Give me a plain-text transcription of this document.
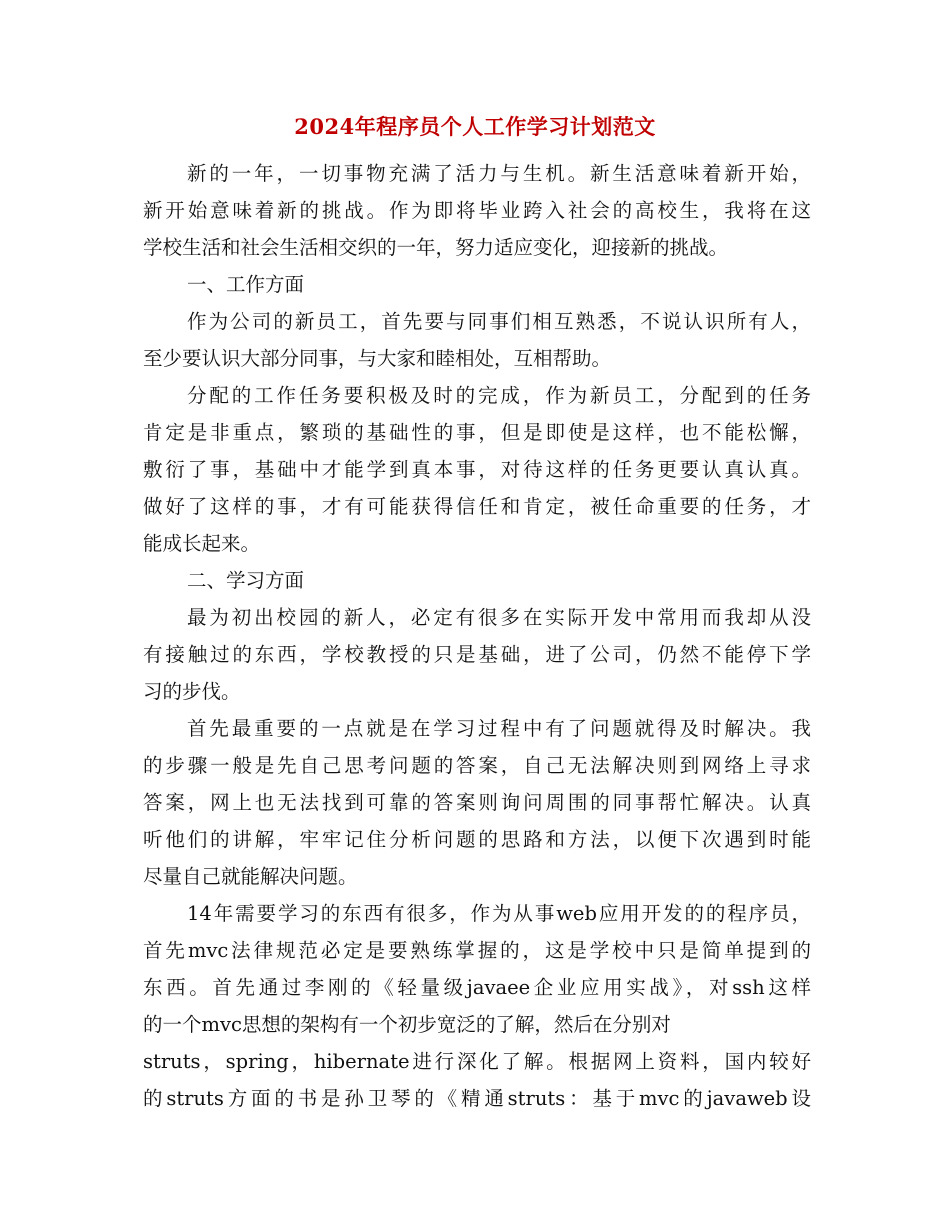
2024年程序员个人工作学习计划范文
新的一年，一切事物充满了活力与生机。新生活意味着新开始，
新开始意味着新的挑战。作为即将毕业跨入社会的高校生，我将在这
学校生活和社会生活相交织的一年，努力适应变化，迎接新的挑战。
一、工作方面
作为公司的新员工，首先要与同事们相互熟悉，不说认识所有人，
至少要认识大部分同事，与大家和睦相处，互相帮助。
分配的工作任务要积极及时的完成，作为新员工，分配到的任务
肯定是非重点，繁琐的基础性的事，但是即使是这样，也不能松懈，
敷衍了事，基础中才能学到真本事，对待这样的任务更要认真认真。
做好了这样的事，才有可能获得信任和肯定，被任命重要的任务，才
能成长起来。
二、学习方面
最为初出校园的新人，必定有很多在实际开发中常用而我却从没
有接触过的东西，学校教授的只是基础，进了公司，仍然不能停下学
习的步伐。
首先最重要的一点就是在学习过程中有了问题就得及时解决。我
的步骤一般是先自己思考问题的答案，自己无法解决则到网络上寻求
答案，网上也无法找到可靠的答案则询问周围的同事帮忙解决。认真
听他们的讲解，牢牢记住分析问题的思路和方法，以便下次遇到时能
尽量自己就能解决问题。
14年需要学习的东西有很多，作为从事web应用开发的的程序员，
首先mvc法律规范必定是要熟练掌握的，这是学校中只是简单提到的
东西。首先通过李刚的《轻量级javaee企业应用实战》，对ssh这样
的一个mvc思想的架构有一个初步宽泛的了解，然后在分别对
struts，spring，hibernate进行深化了解。根据网上资料，国内较好
的struts方面的书是孙卫琴的《精通struts：基于mvc的javaweb设
